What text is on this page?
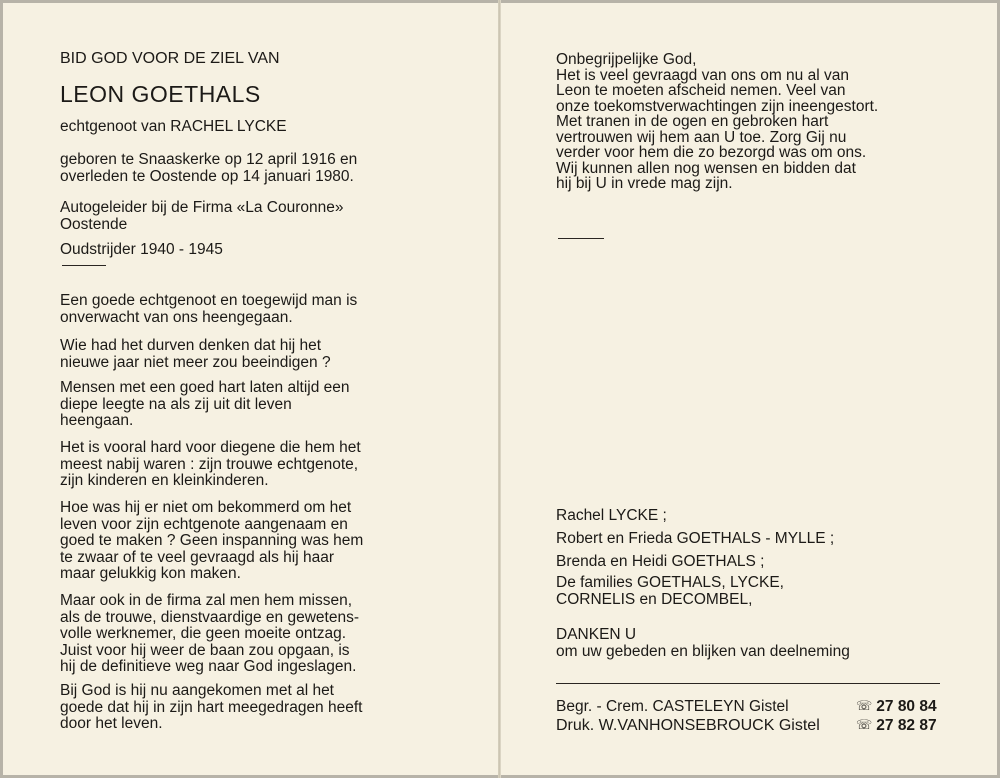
BID GOD VOOR DE ZIEL VAN
LEON GOETHALS
echtgenoot van RACHEL LYCKE
geboren te Snaaskerke op 12 april 1916 en
overleden te Oostende op 14 januari 1980.
Autogeleider bij de Firma «La Couronne»
Oostende
Oudstrijder 1940 - 1945
Een goede echtgenoot en toegewijd man is
onverwacht van ons heengegaan.
Wie had het durven denken dat hij het
nieuwe jaar niet meer zou beeindigen ?
Mensen met een goed hart laten altijd een
diepe leegte na als zij uit dit leven
heengaan.
Het is vooral hard voor diegene die hem het
meest nabij waren : zijn trouwe echtgenote,
zijn kinderen en kleinkinderen.
Hoe was hij er niet om bekommerd om het
leven voor zijn echtgenote aangenaam en
goed te maken ? Geen inspanning was hem
te zwaar of te veel gevraagd als hij haar
maar gelukkig kon maken.
Maar ook in de firma zal men hem missen,
als de trouwe, dienstvaardige en gewetens-
volle werknemer, die geen moeite ontzag.
Juist voor hij weer de baan zou opgaan, is
hij de definitieve weg naar God ingeslagen.
Bij God is hij nu aangekomen met al het
goede dat hij in zijn hart meegedragen heeft
door het leven.
Onbegrijpelijke God,
Het is veel gevraagd van ons om nu al van
Leon te moeten afscheid nemen. Veel van
onze toekomstverwachtingen zijn ineengestort.
Met tranen in de ogen en gebroken hart
vertrouwen wij hem aan U toe. Zorg Gij nu
verder voor hem die zo bezorgd was om ons.
Wij kunnen allen nog wensen en bidden dat
hij bij U in vrede mag zijn.
Rachel LYCKE ;
Robert en Frieda GOETHALS - MYLLE ;
Brenda en Heidi GOETHALS ;
De families GOETHALS, LYCKE,
CORNELIS en DECOMBEL,
DANKEN U
om uw gebeden en blijken van deelneming
Begr. - Crem. CASTELEYN Gistel	☏ 27 80 84
Druk. W.VANHONSEBROUCK Gistel	☏ 27 82 87
